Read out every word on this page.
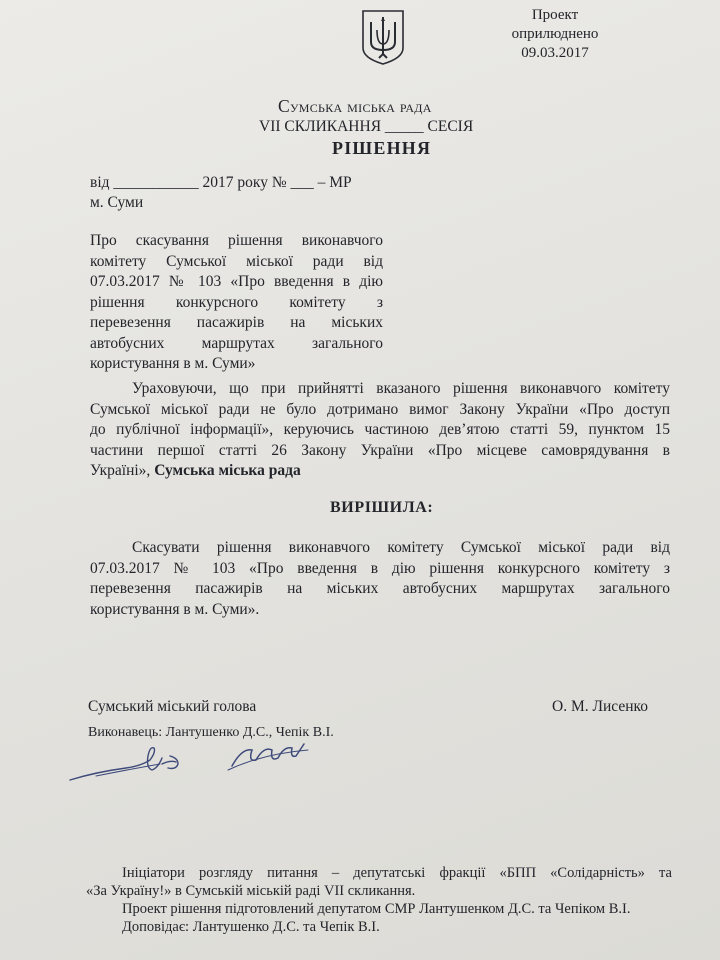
Проект
оприлюднено
09.03.2017
Сумська міська рада
VII СКЛИКАННЯ _____ СЕСІЯ
РІШЕННЯ
від ___________ 2017 року № ___ – МР
м. Суми
Про скасування рішення виконавчого
комітету Сумської міської ради від
07.03.2017 № 103 «Про введення в дію
рішення конкурсного комітету з
перевезення пасажирів на міських
автобусних маршрутах загального
користування в м. Суми»
Ураховуючи, що при прийнятті вказаного рішення виконавчого комітету
Сумської міської ради не було дотримано вимог Закону України «Про доступ
до публічної інформації», керуючись частиною дев’ятою статті 59, пунктом 15
частини першої статті 26 Закону України «Про місцеве самоврядування в
Україні», Сумська міська рада
ВИРІШИЛА:
Скасувати рішення виконавчого комітету Сумської міської ради від
07.03.2017 № 103 «Про введення в дію рішення конкурсного комітету з
перевезення пасажирів на міських автобусних маршрутах загального
користування в м. Суми».
Сумський міський голова	О. М. Лисенко
Виконавець: Лантушенко Д.С., Чепік В.І.
Ініціатори розгляду питання – депутатські фракції «БПП «Солідарність» та
«За Україну!» в Сумській міській раді VII скликання.
Проект рішення підготовлений депутатом СМР Лантушенком Д.С. та Чепіком В.І.
Доповідає: Лантушенко Д.С. та Чепік В.І.
